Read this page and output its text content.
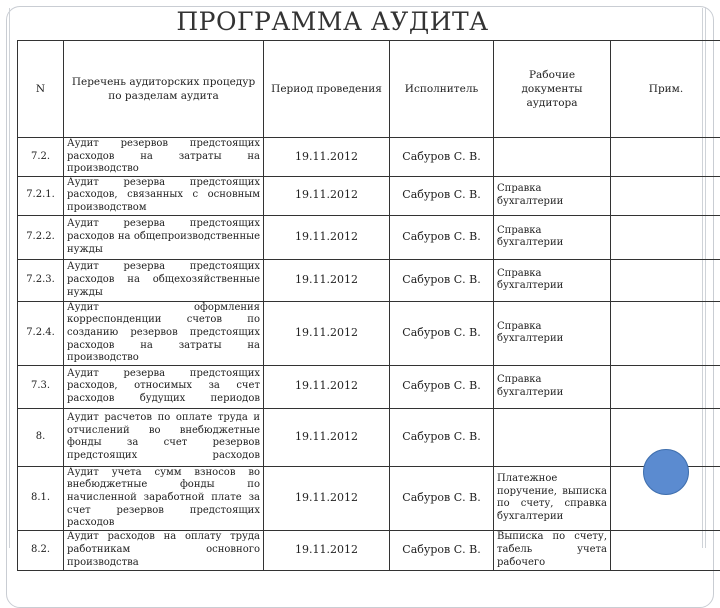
ПРОГРАММА АУДИТА
N	Перечень аудиторских процедур по разделам аудита	Период проведения	Исполнитель	Рабочие документы аудитора	Прим.
7.2.	Аудит резервов предстоящих расходов на затраты на производство	19.11.2012	Сабуров С. В.		
7.2.1.	Аудит резерва предстоящих расходов, связанных с основным производством	19.11.2012	Сабуров С. В.	Справка бухгалтерии	
7.2.2.	Аудит резерва предстоящих расходов на общепроизводственные нужды	19.11.2012	Сабуров С. В.	Справка бухгалтерии	
7.2.3.	Аудит резерва предстоящих расходов на общехозяйственные нужды	19.11.2012	Сабуров С. В.	Справка бухгалтерии	
7.2.4.	Аудит оформления корреспонденции счетов по созданию резервов предстоящих расходов на затраты на производство	19.11.2012	Сабуров С. В.	Справка бухгалтерии	
7.3.	Аудит резерва предстоящих расходов, относимых за счет расходов будущих периодов	19.11.2012	Сабуров С. В.	Справка бухгалтерии	
8.	Аудит расчетов по оплате труда и отчислений во внебюджетные фонды за счет резервов предстоящих расходов	19.11.2012	Сабуров С. В.		
8.1.	Аудит учета сумм взносов во внебюджетные фонды по начисленной заработной плате за счет резервов предстоящих расходов	19.11.2012	Сабуров С. В.	Платежное поручение, выписка по счету, справка бухгалтерии	
8.2.	Аудит расходов на оплату труда работникам основного производства	19.11.2012	Сабуров С. В.	Выписка по счету, табель учета рабочего	
